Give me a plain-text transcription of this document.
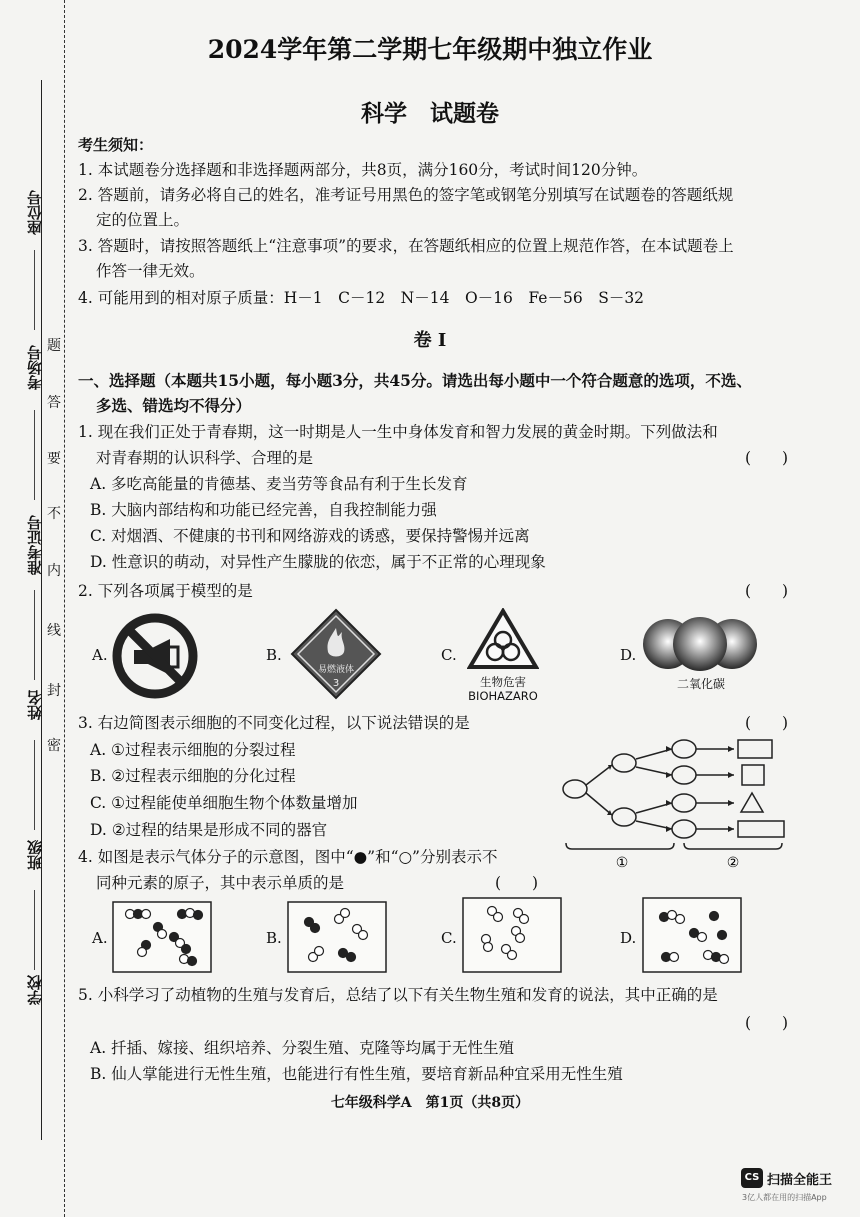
座位号
考场号
准考证号
姓名
班级
学校
题
答
要
不
内
线
封
密
2024学年第二学期七年级期中独立作业
科学　试题卷
考生须知：
1. 本试题卷分选择题和非选择题两部分，共8页，满分160分，考试时间120分钟。
2. 答题前，请务必将自己的姓名，准考证号用黑色的签字笔或钢笔分别填写在试题卷的答题纸规
定的位置上。
3. 答题时，请按照答题纸上“注意事项”的要求，在答题纸相应的位置上规范作答，在本试题卷上
作答一律无效。
4. 可能用到的相对原子质量：H－1　C－12　N－14　O－16　Fe－56　S－32
卷 Ⅰ
一、选择题（本题共15小题，每小题3分，共45分。请选出每小题中一个符合题意的选项，不选、
多选、错选均不得分）
1. 现在我们正处于青春期，这一时期是人一生中身体发育和智力发展的黄金时期。下列做法和
对青春期的认识科学、合理的是	(　　)
A. 多吃高能量的肯德基、麦当劳等食品有利于生长发育
B. 大脑内部结构和功能已经完善，自我控制能力强
C. 对烟酒、不健康的书刊和网络游戏的诱惑，要保持警惕并远离
D. 性意识的萌动，对异性产生朦胧的依恋，属于不正常的心理现象
2. 下列各项属于模型的是	(　　)
A.	B.
易燃液体
3
C.
生物危害
BIOHAZARO
D.
二氧化碳
3. 右边简图表示细胞的不同变化过程，以下说法错误的是	(　　)
A. ①过程表示细胞的分裂过程
B. ②过程表示细胞的分化过程
C. ①过程能使单细胞生物个体数量增加
D. ②过程的结果是形成不同的器官
①	②
4. 如图是表示气体分子的示意图，图中“●”和“○”分别表示不
同种元素的原子，其中表示单质的是	(　　)
A.	B.	C.	D.
5. 小科学习了动植物的生殖与发育后，总结了以下有关生物生殖和发育的说法，其中正确的是
(　　)
A. 扦插、嫁接、组织培养、分裂生殖、克隆等均属于无性生殖
B. 仙人掌能进行无性生殖，也能进行有性生殖，要培育新品种宜采用无性生殖
七年级科学A　第1页（共8页）
CS 扫描全能王
3亿人都在用的扫描App
